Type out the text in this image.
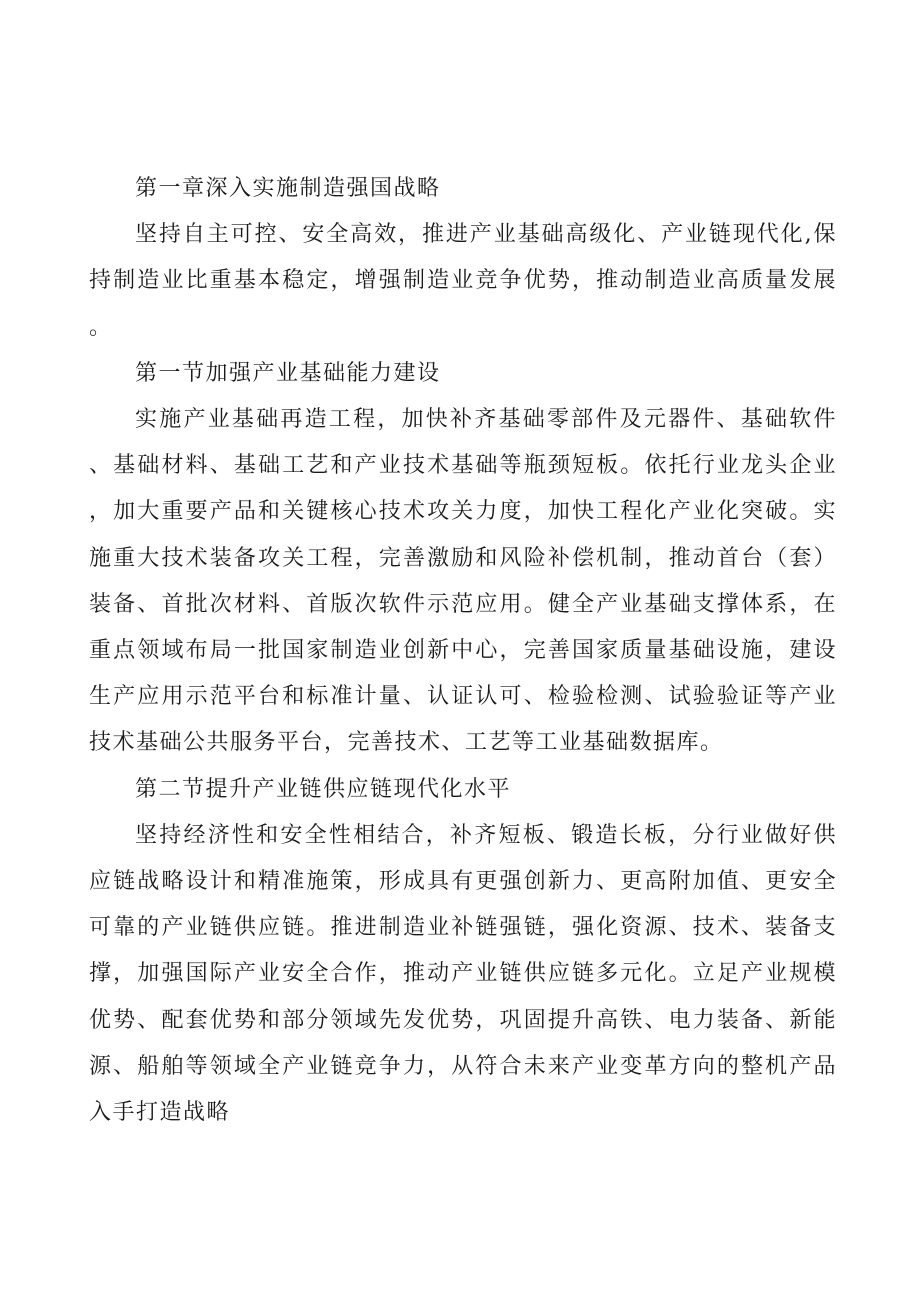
第一章深入实施制造强国战略

坚持自主可控、安全高效，推进产业基础高级化、产业链现代化,保持制造业比重基本稳定，增强制造业竞争优势，推动制造业高质量发展。

第一节加强产业基础能力建设

实施产业基础再造工程，加快补齐基础零部件及元器件、基础软件、基础材料、基础工艺和产业技术基础等瓶颈短板。依托行业龙头企业，加大重要产品和关键核心技术攻关力度，加快工程化产业化突破。实施重大技术装备攻关工程，完善激励和风险补偿机制，推动首台（套）装备、首批次材料、首版次软件示范应用。健全产业基础支撑体系，在重点领域布局一批国家制造业创新中心，完善国家质量基础设施，建设生产应用示范平台和标准计量、认证认可、检验检测、试验验证等产业技术基础公共服务平台，完善技术、工艺等工业基础数据库。

第二节提升产业链供应链现代化水平

坚持经济性和安全性相结合，补齐短板、锻造长板，分行业做好供应链战略设计和精准施策，形成具有更强创新力、更高附加值、更安全可靠的产业链供应链。推进制造业补链强链，强化资源、技术、装备支撑，加强国际产业安全合作，推动产业链供应链多元化。立足产业规模优势、配套优势和部分领域先发优势，巩固提升高铁、电力装备、新能源、船舶等领域全产业链竞争力，从符合未来产业变革方向的整机产品入手打造战略
